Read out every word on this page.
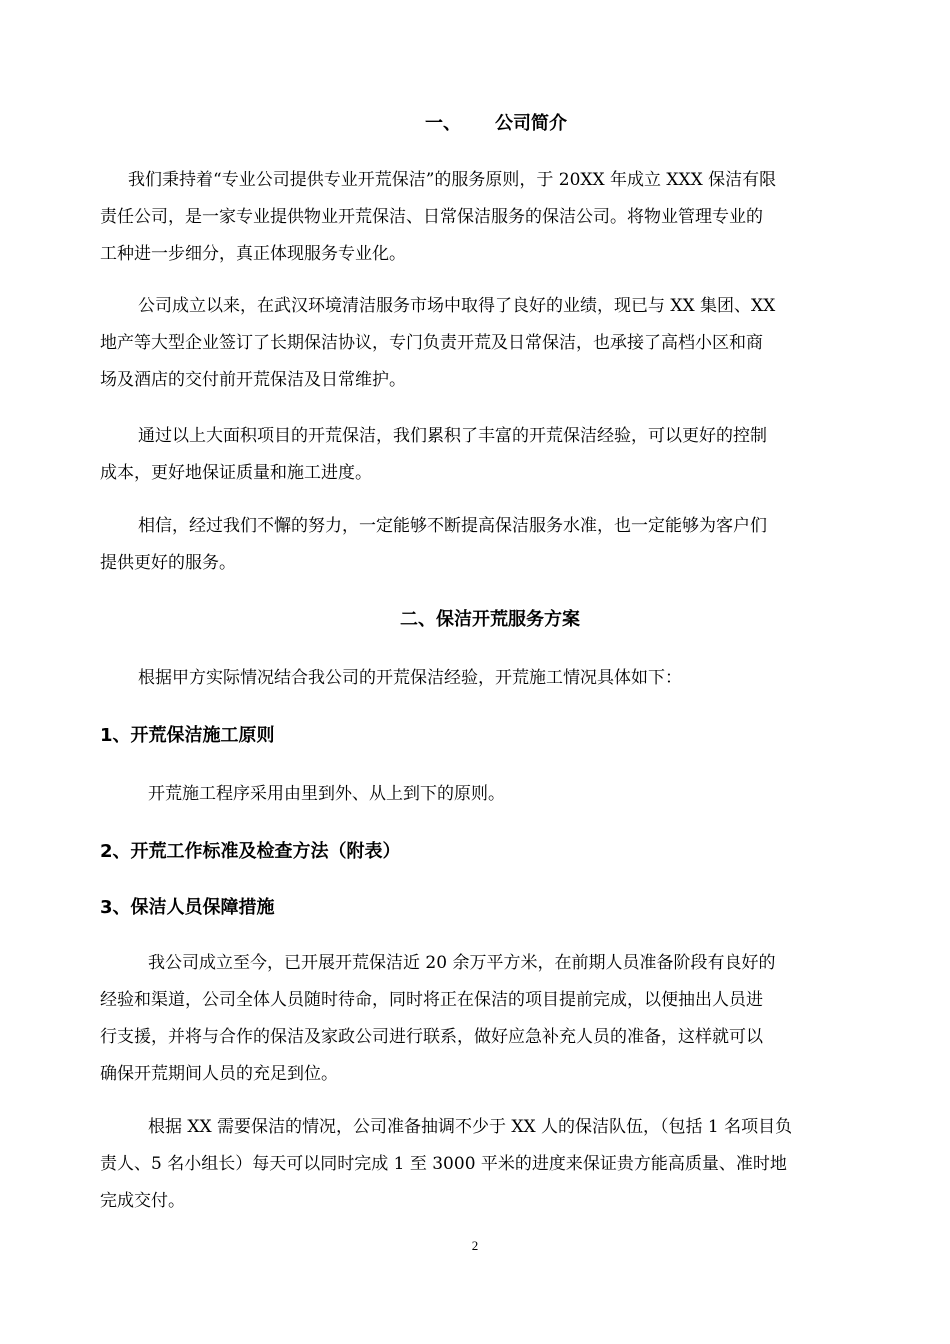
一、 公司简介
我们秉持着“专业公司提供专业开荒保洁”的服务原则，于 20XX 年成立 XXX 保洁有限
责任公司，是一家专业提供物业开荒保洁、日常保洁服务的保洁公司。将物业管理专业的
工种进一步细分，真正体现服务专业化。
公司成立以来，在武汉环境清洁服务市场中取得了良好的业绩，现已与 XX 集团、XX
地产等大型企业签订了长期保洁协议，专门负责开荒及日常保洁，也承接了高档小区和商
场及酒店的交付前开荒保洁及日常维护。
通过以上大面积项目的开荒保洁，我们累积了丰富的开荒保洁经验，可以更好的控制
成本，更好地保证质量和施工进度。
相信，经过我们不懈的努力，一定能够不断提高保洁服务水准，也一定能够为客户们
提供更好的服务。
二、保洁开荒服务方案
根据甲方实际情况结合我公司的开荒保洁经验，开荒施工情况具体如下：
1、开荒保洁施工原则
开荒施工程序采用由里到外、从上到下的原则。
2、开荒工作标准及检查方法（附表）
3、保洁人员保障措施
我公司成立至今，已开展开荒保洁近 20 余万平方米，在前期人员准备阶段有良好的
经验和渠道，公司全体人员随时待命，同时将正在保洁的项目提前完成，以便抽出人员进
行支援，并将与合作的保洁及家政公司进行联系，做好应急补充人员的准备，这样就可以
确保开荒期间人员的充足到位。
根据 XX 需要保洁的情况，公司准备抽调不少于 XX 人的保洁队伍，（包括 1 名项目负
责人、5 名小组长）每天可以同时完成 1 至 3000 平米的进度来保证贵方能高质量、准时地
完成交付。
2
